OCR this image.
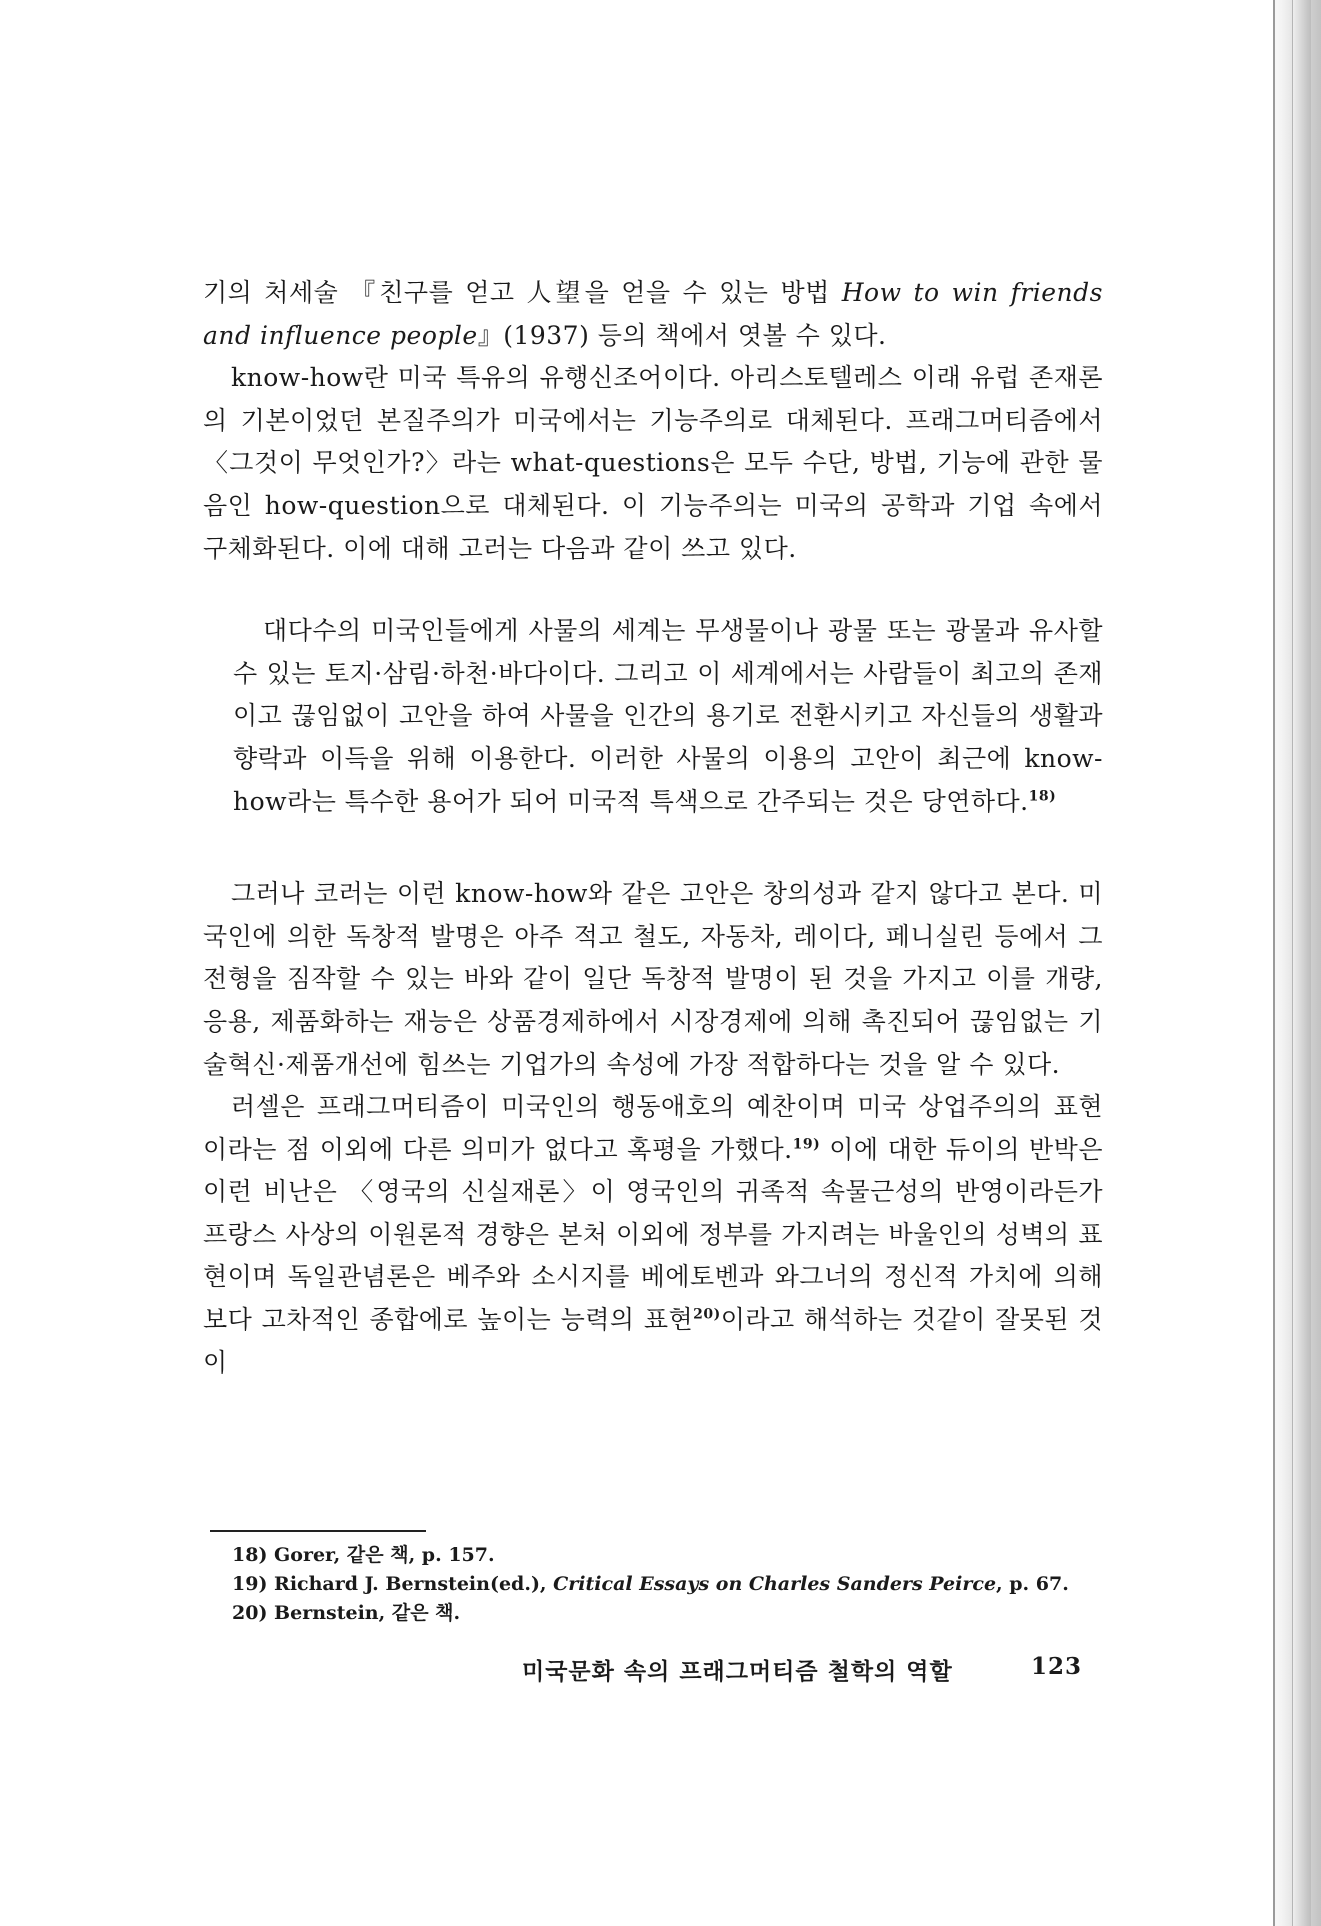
기의 처세술 『친구를 얻고 人望을 얻을 수 있는 방법 How to win friends and influence people』(1937) 등의 책에서 엿볼 수 있다.

know-how란 미국 특유의 유행신조어이다. 아리스토텔레스 이래 유럽 존재론의 기본이었던 본질주의가 미국에서는 기능주의로 대체된다. 프래그머티즘에서 〈그것이 무엇인가?〉라는 what-questions은 모두 수단, 방법, 기능에 관한 물음인 how-question으로 대체된다. 이 기능주의는 미국의 공학과 기업 속에서 구체화된다. 이에 대해 고러는 다음과 같이 쓰고 있다.

대다수의 미국인들에게 사물의 세계는 무생물이나 광물 또는 광물과 유사할 수 있는 토지·삼림·하천·바다이다. 그리고 이 세계에서는 사람들이 최고의 존재이고 끊임없이 고안을 하여 사물을 인간의 용기로 전환시키고 자신들의 생활과 향락과 이득을 위해 이용한다. 이러한 사물의 이용의 고안이 최근에 know-how라는 특수한 용어가 되어 미국적 특색으로 간주되는 것은 당연하다.$^{18)}$

그러나 코러는 이런 know-how와 같은 고안은 창의성과 같지 않다고 본다. 미국인에 의한 독창적 발명은 아주 적고 철도, 자동차, 레이다, 페니실린 등에서 그 전형을 짐작할 수 있는 바와 같이 일단 독창적 발명이 된 것을 가지고 이를 개량, 응용, 제품화하는 재능은 상품경제하에서 시장경제에 의해 촉진되어 끊임없는 기술혁신·제품개선에 힘쓰는 기업가의 속성에 가장 적합하다는 것을 알 수 있다.

러셀은 프래그머티즘이 미국인의 행동애호의 예찬이며 미국 상업주의의 표현이라는 점 이외에 다른 의미가 없다고 혹평을 가했다.$^{19)}$ 이에 대한 듀이의 반박은 이런 비난은 〈영국의 신실재론〉이 영국인의 귀족적 속물근성의 반영이라든가 프랑스 사상의 이원론적 경향은 본처 이외에 정부를 가지려는 바울인의 성벽의 표현이며 독일관념론은 베주와 소시지를 베에토벤과 와그너의 정신적 가치에 의해 보다 고차적인 종합에로 높이는 능력의 표현$^{20)}$이라고 해석하는 것같이 잘못된 것이

18) Gorer, 같은 책, p. 157.

19) Richard J. Bernstein(ed.), Critical Essays on Charles Sanders Peirce, p. 67.

20) Bernstein, 같은 책.

미국문화 속의 프래그머티즘 철학의 역할	123
